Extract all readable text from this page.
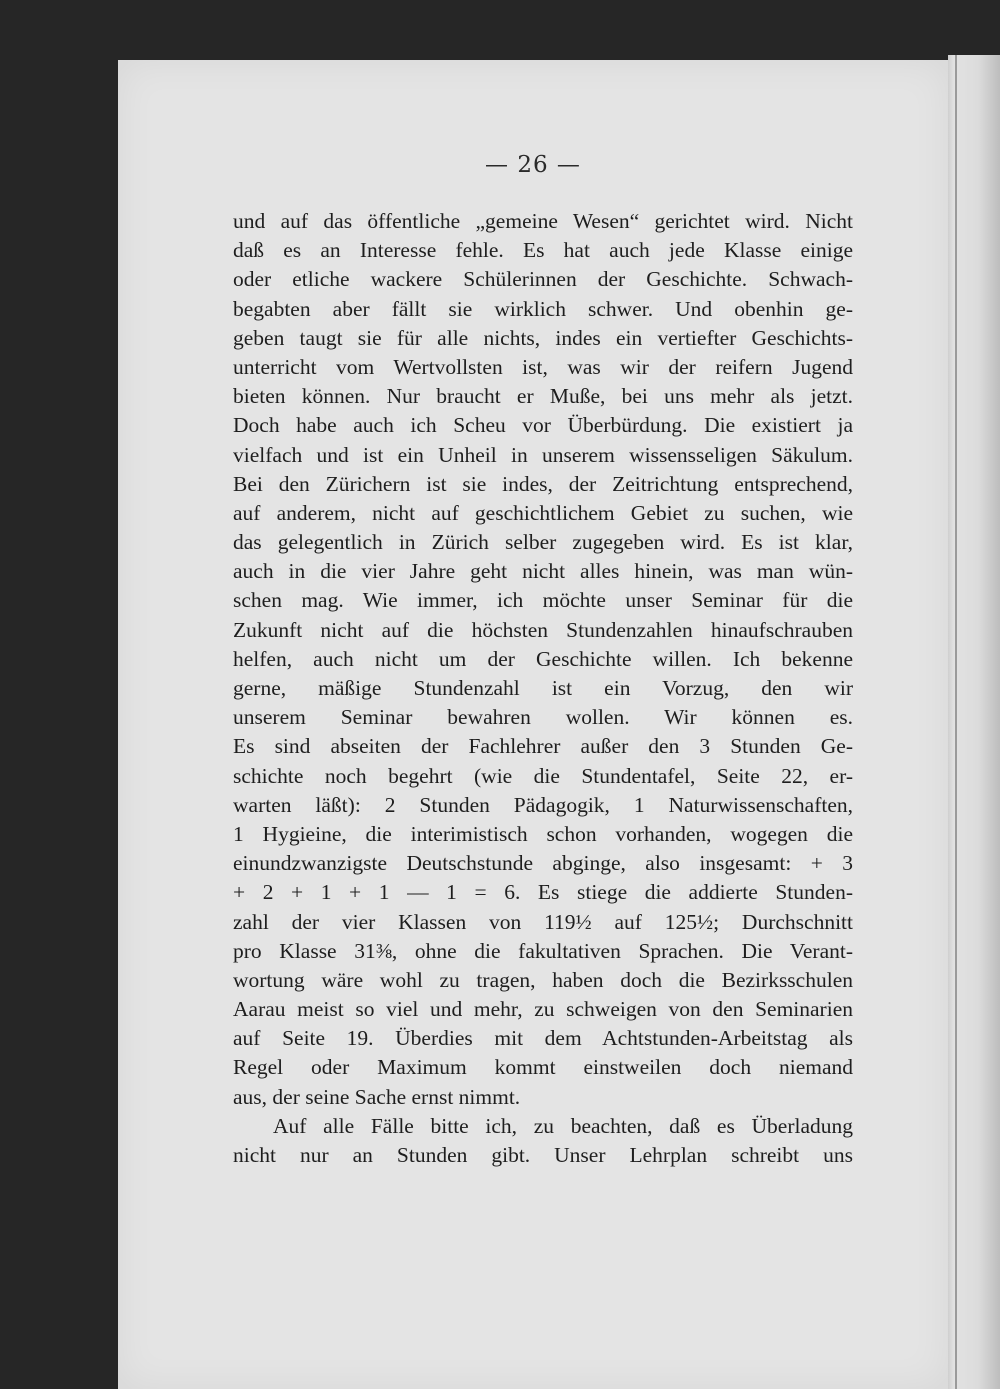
— 26 —
und auf das öffentliche „gemeine Wesen“ gerichtet wird. Nicht
daß es an Interesse fehle. Es hat auch jede Klasse einige
oder etliche wackere Schülerinnen der Geschichte. Schwach-
begabten aber fällt sie wirklich schwer. Und obenhin ge-
geben taugt sie für alle nichts, indes ein vertiefter Geschichts-
unterricht vom Wertvollsten ist, was wir der reifern Jugend
bieten können. Nur braucht er Muße, bei uns mehr als jetzt.
Doch habe auch ich Scheu vor Überbürdung. Die existiert ja
vielfach und ist ein Unheil in unserem wissensseligen Säkulum.
Bei den Zürichern ist sie indes, der Zeitrichtung entsprechend,
auf anderem, nicht auf geschichtlichem Gebiet zu suchen, wie
das gelegentlich in Zürich selber zugegeben wird. Es ist klar,
auch in die vier Jahre geht nicht alles hinein, was man wün-
schen mag. Wie immer, ich möchte unser Seminar für die
Zukunft nicht auf die höchsten Stundenzahlen hinaufschrauben
helfen, auch nicht um der Geschichte willen. Ich bekenne
gerne, mäßige Stundenzahl ist ein Vorzug, den wir
unserem Seminar bewahren wollen. Wir können es.
Es sind abseiten der Fachlehrer außer den 3 Stunden Ge-
schichte noch begehrt (wie die Stundentafel, Seite 22, er-
warten läßt): 2 Stunden Pädagogik, 1 Naturwissenschaften,
1 Hygieine, die interimistisch schon vorhanden, wogegen die
einundzwanzigste Deutschstunde abginge, also insgesamt: + 3
+ 2 + 1 + 1 — 1 = 6. Es stiege die addierte Stunden-
zahl der vier Klassen von 119½ auf 125½; Durchschnitt
pro Klasse 31⅜, ohne die fakultativen Sprachen. Die Verant-
wortung wäre wohl zu tragen, haben doch die Bezirksschulen
Aarau meist so viel und mehr, zu schweigen von den Seminarien
auf Seite 19. Überdies mit dem Achtstunden-Arbeitstag als
Regel oder Maximum kommt einstweilen doch niemand
aus, der seine Sache ernst nimmt.
Auf alle Fälle bitte ich, zu beachten, daß es Überladung
nicht nur an Stunden gibt. Unser Lehrplan schreibt uns
